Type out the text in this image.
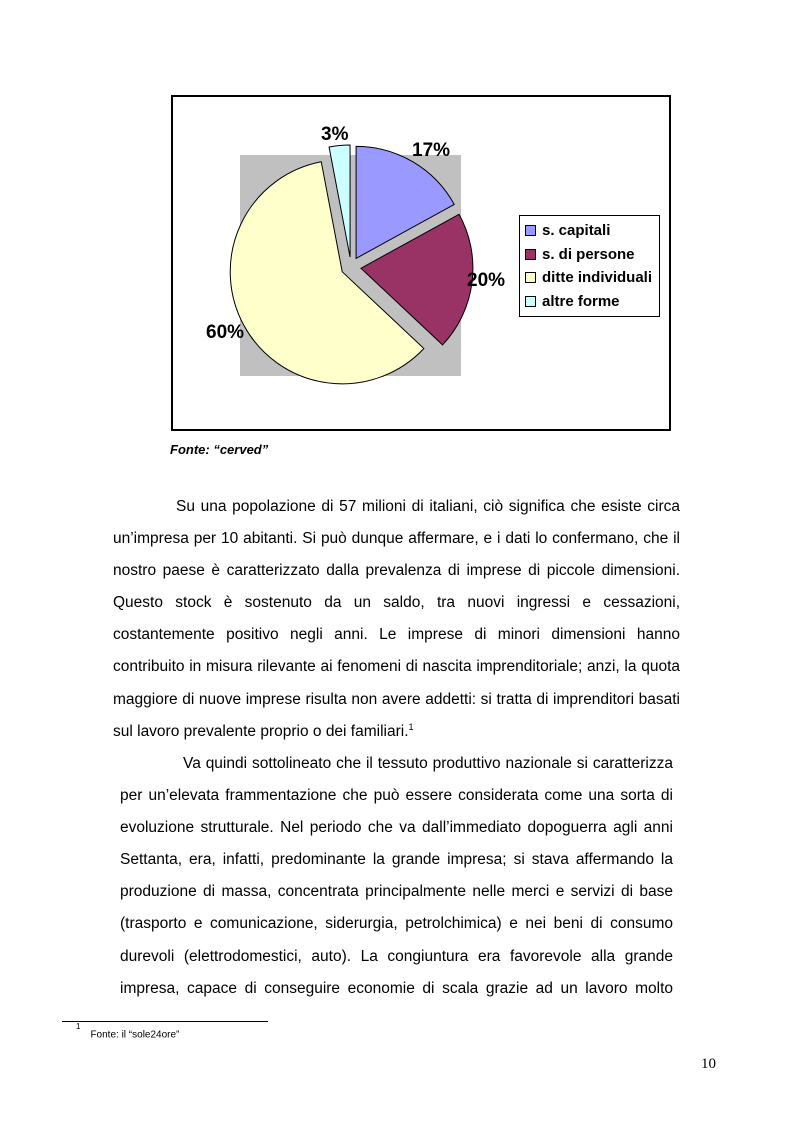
3%
17%
20%
60%
s. capitali
s. di persone
ditte individuali
altre forme
Fonte: “cerved”
Su una popolazione di 57 milioni di italiani, ciò significa che esiste circa
un’impresa per 10 abitanti. Si può dunque affermare, e i dati lo confermano, che il
nostro paese è caratterizzato dalla prevalenza di imprese di piccole dimensioni.
Questo stock è sostenuto da un saldo, tra nuovi ingressi e cessazioni,
costantemente positivo negli anni. Le imprese di minori dimensioni hanno
contribuito in misura rilevante ai fenomeni di nascita imprenditoriale; anzi, la quota
maggiore di nuove imprese risulta non avere addetti: si tratta di imprenditori basati
sul lavoro prevalente proprio o dei familiari.$^1$
Va quindi sottolineato che il tessuto produttivo nazionale si caratterizza
per un’elevata frammentazione che può essere considerata come una sorta di
evoluzione strutturale. Nel periodo che va dall’immediato dopoguerra agli anni
Settanta, era, infatti, predominante la grande impresa; si stava affermando la
produzione di massa, concentrata principalmente nelle merci e servizi di base
(trasporto e comunicazione, siderurgia, petrolchimica) e nei beni di consumo
durevoli (elettrodomestici, auto). La congiuntura era favorevole alla grande
impresa, capace di conseguire economie di scala grazie ad un lavoro molto
$^1$Fonte: il “sole24ore”
10
